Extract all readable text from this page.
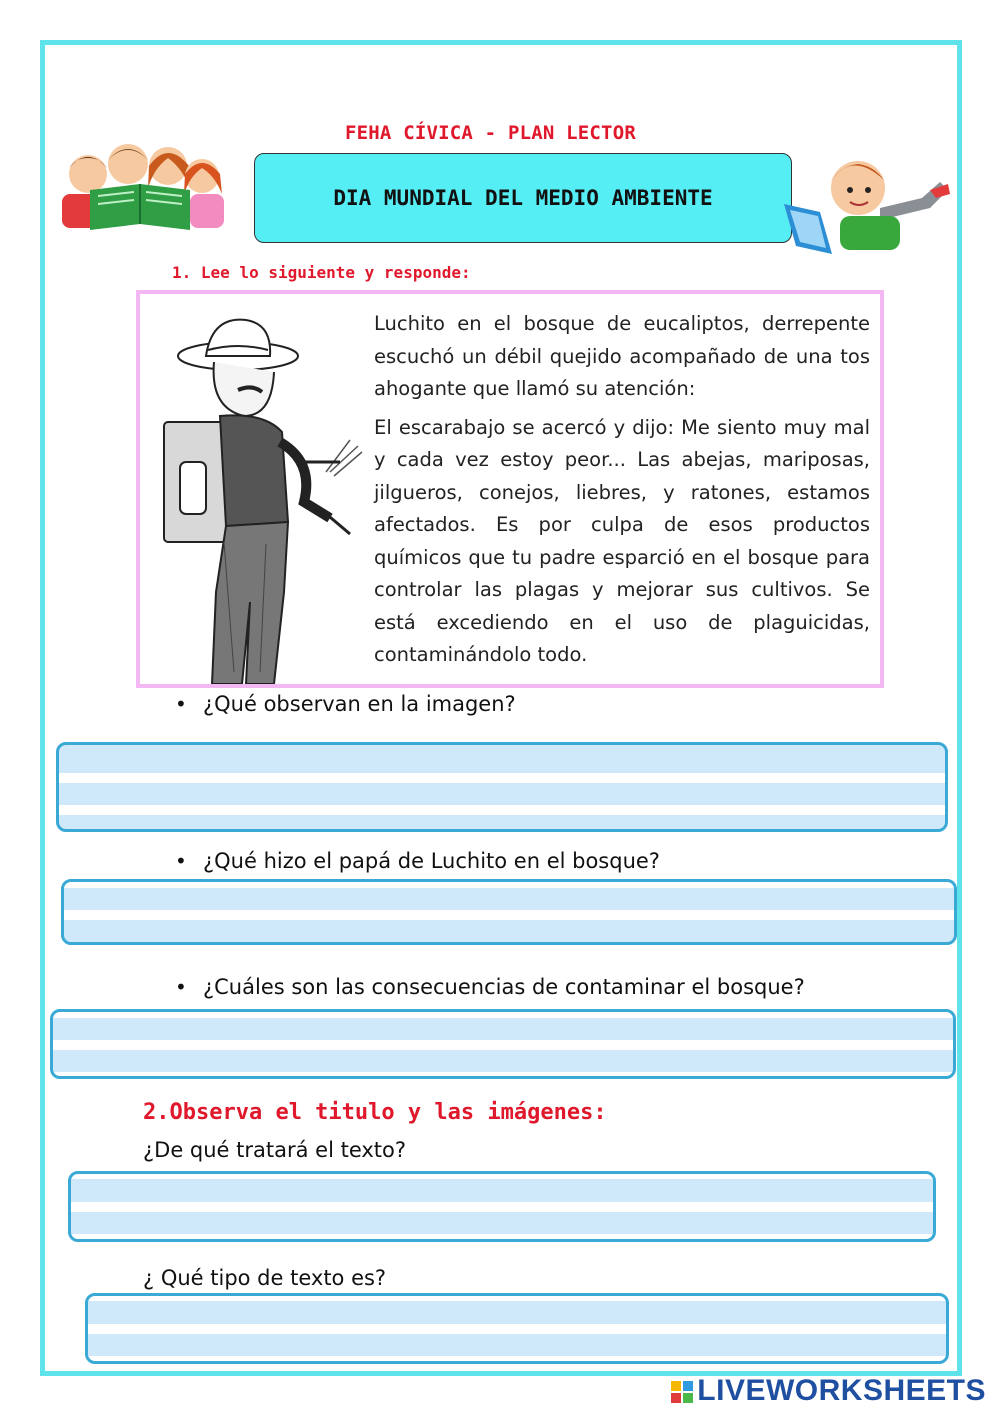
FEHA CÍVICA - PLAN LECTOR
DIA MUNDIAL DEL MEDIO AMBIENTE
1. Lee lo siguiente y responde:

Luchito en el bosque de eucaliptos, derrepente escuchó un débil quejido acompañado de una tos ahogante que llamó su atención:

El escarabajo se acercó y dijo: Me siento muy mal y cada vez estoy peor... Las abejas, mariposas, jilgueros, conejos, liebres, y ratones, estamos afectados. Es por culpa de esos productos químicos que tu padre esparció en el bosque para controlar las plagas y mejorar sus cultivos. Se está excediendo en el uso de plaguicidas, contaminándolo todo.

• ¿Qué observan en la imagen?
• ¿Qué hizo el papá de Luchito en el bosque?
• ¿Cuáles son las consecuencias de contaminar el bosque?
2.Observa el titulo y las imágenes:
¿De qué tratará el texto?
¿ Qué tipo de texto es?
LIVEWORKSHEETS
